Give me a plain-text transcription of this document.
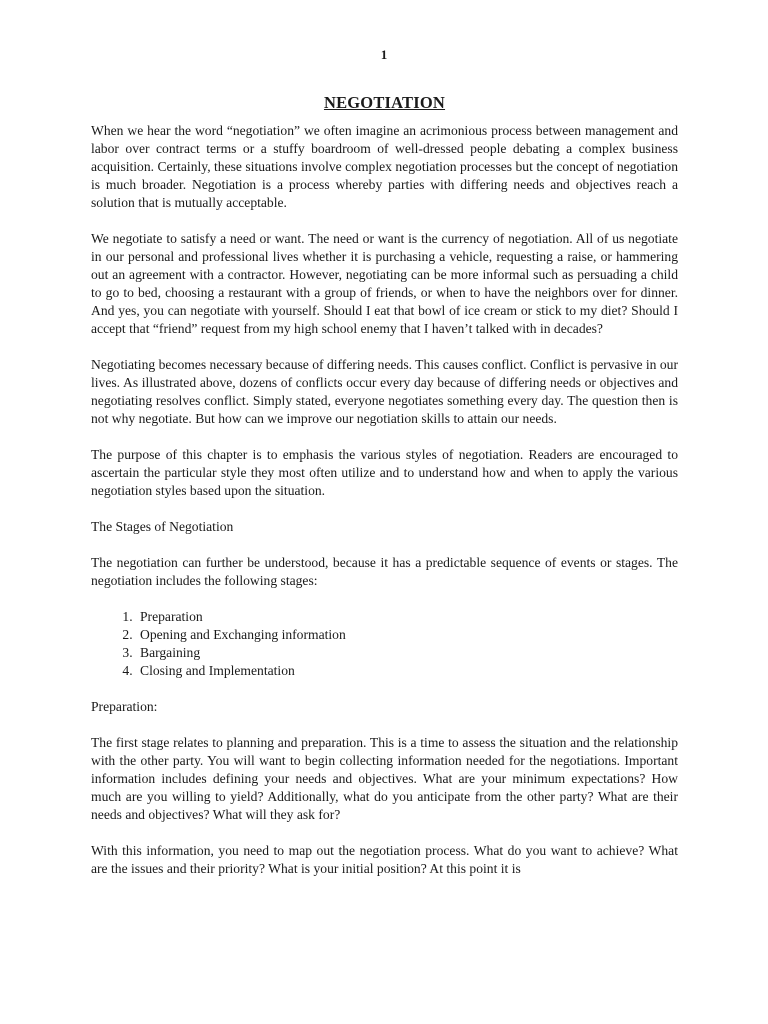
1
NEGOTIATION

When we hear the word “negotiation” we often imagine an acrimonious process between management and labor over contract terms or a stuffy boardroom of well-dressed people debating a complex business acquisition. Certainly, these situations involve complex negotiation processes but the concept of negotiation is much broader. Negotiation is a process whereby parties with differing needs and objectives reach a solution that is mutually acceptable.

We negotiate to satisfy a need or want. The need or want is the currency of negotiation. All of us negotiate in our personal and professional lives whether it is purchasing a vehicle, requesting a raise, or hammering out an agreement with a contractor. However, negotiating can be more informal such as persuading a child to go to bed, choosing a restaurant with a group of friends, or when to have the neighbors over for dinner. And yes, you can negotiate with yourself. Should I eat that bowl of ice cream or stick to my diet? Should I accept that “friend” request from my high school enemy that I haven’t talked with in decades?

Negotiating becomes necessary because of differing needs. This causes conflict. Conflict is pervasive in our lives. As illustrated above, dozens of conflicts occur every day because of differing needs or objectives and negotiating resolves conflict. Simply stated, everyone negotiates something every day. The question then is not why negotiate. But how can we improve our negotiation skills to attain our needs.

The purpose of this chapter is to emphasis the various styles of negotiation. Readers are encouraged to ascertain the particular style they most often utilize and to understand how and when to apply the various negotiation styles based upon the situation.

The Stages of Negotiation

The negotiation can further be understood, because it has a predictable sequence of events or stages. The negotiation includes the following stages:

1. Preparation
2. Opening and Exchanging information
3. Bargaining
4. Closing and Implementation
Preparation:

The first stage relates to planning and preparation. This is a time to assess the situation and the relationship with the other party. You will want to begin collecting information needed for the negotiations. Important information includes defining your needs and objectives. What are your minimum expectations? How much are you willing to yield? Additionally, what do you anticipate from the other party? What are their needs and objectives? What will they ask for?

With this information, you need to map out the negotiation process. What do you want to achieve? What are the issues and their priority? What is your initial position? At this point it is
